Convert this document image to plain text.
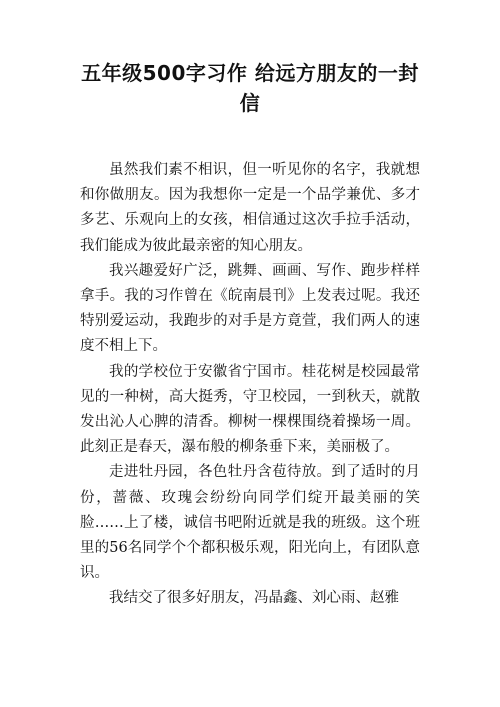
五年级500字习作 给远方朋友的一封信

虽然我们素不相识，但一听见你的名字，我就想和你做朋友。因为我想你一定是一个品学兼优、多才多艺、乐观向上的女孩，相信通过这次手拉手活动，我们能成为彼此最亲密的知心朋友。

我兴趣爱好广泛，跳舞、画画、写作、跑步样样拿手。我的习作曾在《皖南晨刊》上发表过呢。我还特别爱运动，我跑步的对手是方竟萱，我们两人的速度不相上下。

我的学校位于安徽省宁国市。桂花树是校园最常见的一种树，高大挺秀，守卫校园，一到秋天，就散发出沁人心脾的清香。柳树一棵棵围绕着操场一周。此刻正是春天，瀑布般的柳条垂下来，美丽极了。

走进牡丹园，各色牡丹含苞待放。到了适时的月份，蔷薇、玫瑰会纷纷向同学们绽开最美丽的笑脸……上了楼，诚信书吧附近就是我的班级。这个班里的56名同学个个都积极乐观，阳光向上，有团队意识。

我结交了很多好朋友，冯晶鑫、刘心雨、赵雅
